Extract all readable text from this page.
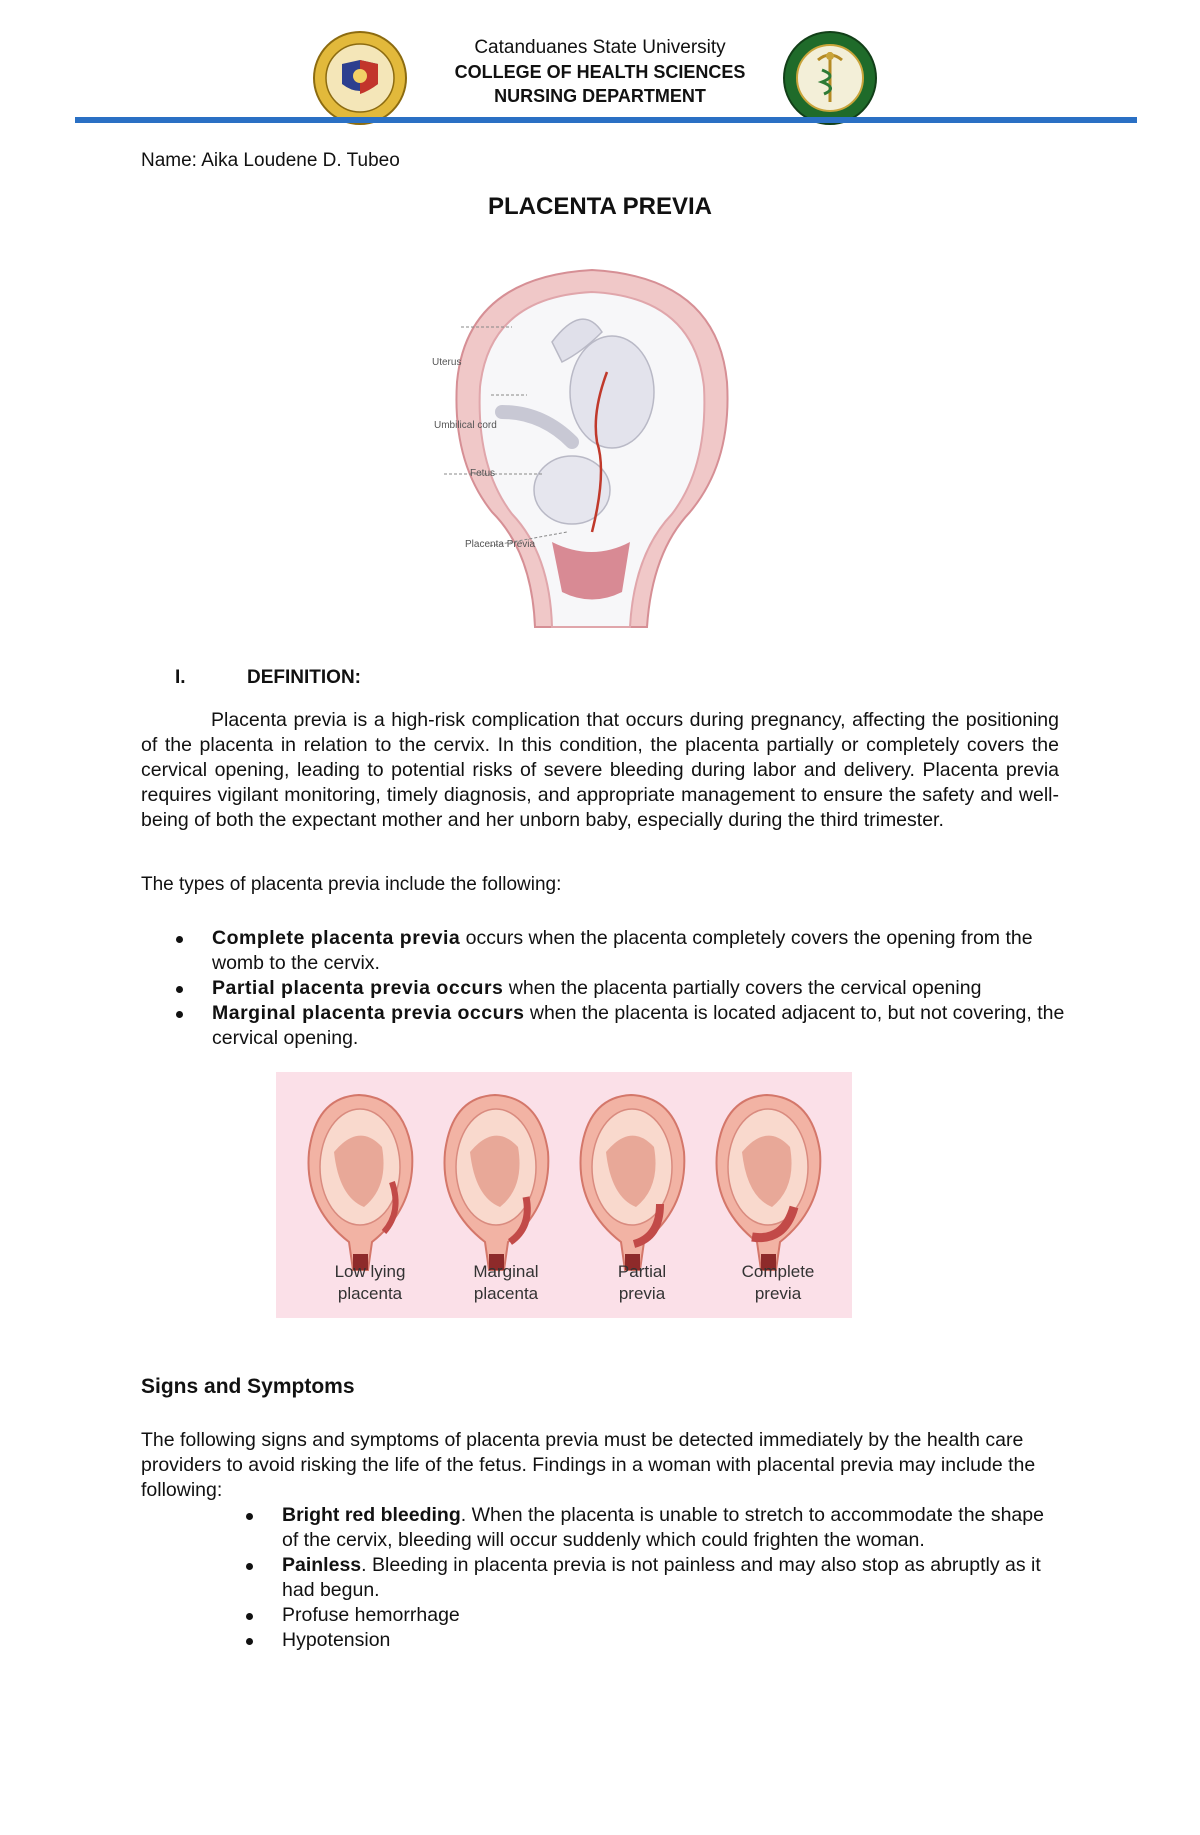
Catanduanes State University
COLLEGE OF HEALTH SCIENCES
NURSING DEPARTMENT
Name: Aika Loudene D. Tubeo
PLACENTA PREVIA
Uterus
Umbilical cord
Fetus
Placenta Previa
I.	DEFINITION:
Placenta previa is a high-risk complication that occurs during pregnancy, affecting the positioning of the placenta in relation to the cervix. In this condition, the placenta partially or completely covers the cervical opening, leading to potential risks of severe bleeding during labor and delivery. Placenta previa requires vigilant monitoring, timely diagnosis, and appropriate management to ensure the safety and well-being of both the expectant mother and her unborn baby, especially during the third trimester.
The types of placenta previa include the following:
Complete placenta previa occurs when the placenta completely covers the opening from the womb to the cervix.
Partial placenta previa occurs when the placenta partially covers the cervical opening
Marginal placenta previa occurs when the placenta is located adjacent to, but not covering, the cervical opening.
Low lying
placenta
Marginal
placenta
Partial
previa
Complete
previa
Signs and Symptoms
The following signs and symptoms of placenta previa must be detected immediately by the health care providers to avoid risking the life of the fetus. Findings in a woman with placental previa may include the following:
Bright red bleeding. When the placenta is unable to stretch to accommodate the shape of the cervix, bleeding will occur suddenly which could frighten the woman.
Painless. Bleeding in placenta previa is not painless and may also stop as abruptly as it had begun.
Profuse hemorrhage
Hypotension
